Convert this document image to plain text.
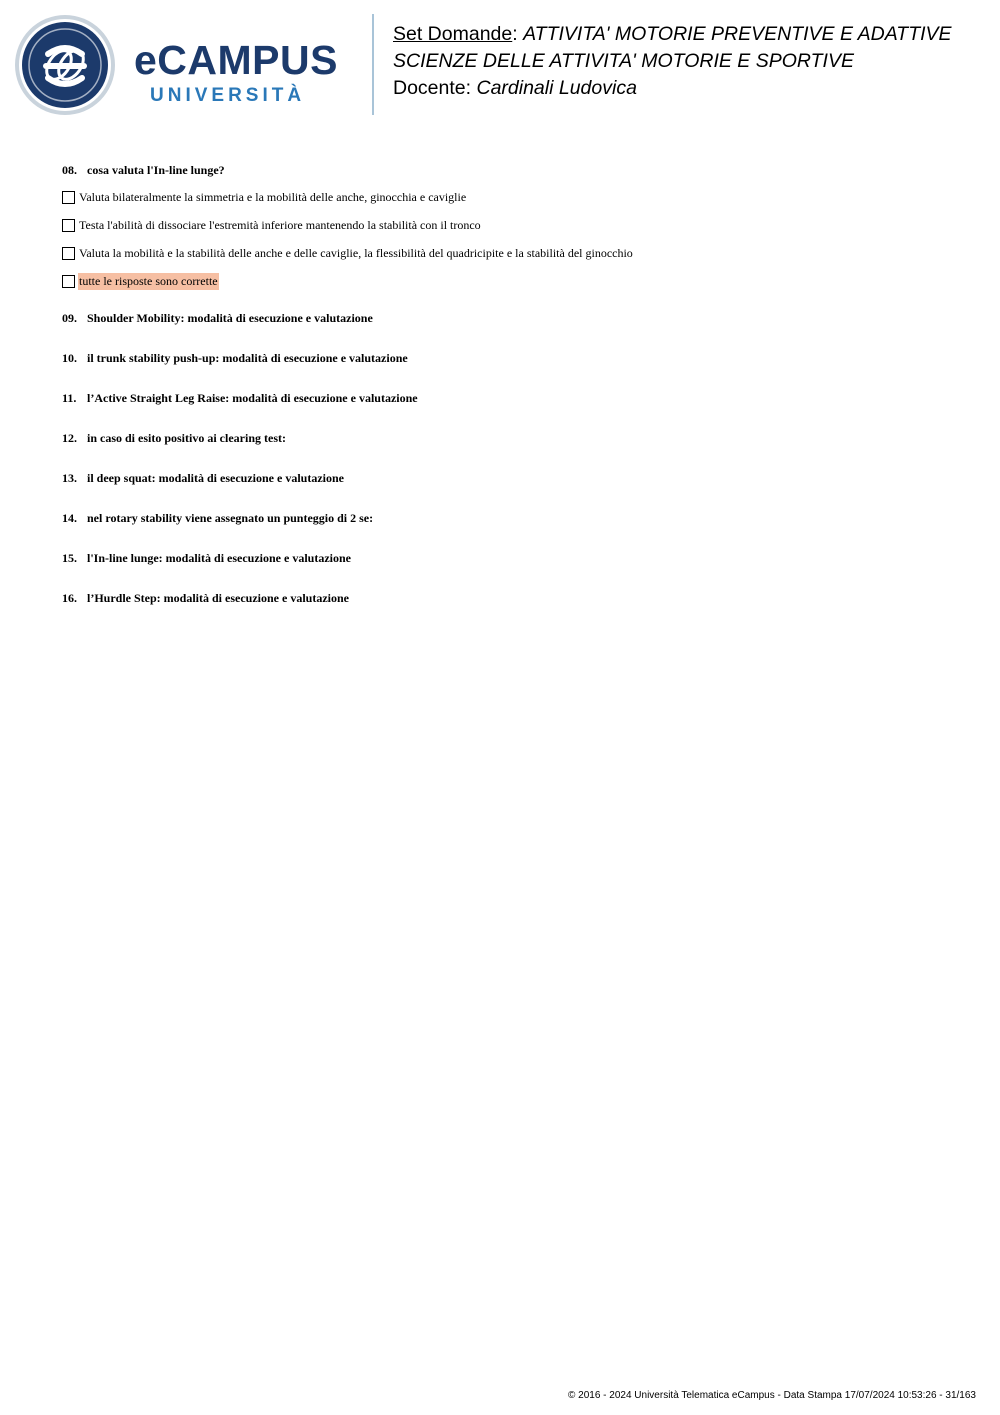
eCAMPUS
UNIVERSITÀ
Set Domande: ATTIVITA' MOTORIE PREVENTIVE E ADATTIVE
SCIENZE DELLE ATTIVITA' MOTORIE E SPORTIVE
Docente: Cardinali Ludovica

08. cosa valuta l'In-line lunge?

Valuta bilateralmente la simmetria e la mobilità delle anche, ginocchia e caviglie
Testa l'abilità di dissociare l'estremità inferiore mantenendo la stabilità con il tronco
Valuta la mobilità e la stabilità delle anche e delle caviglie, la flessibilità del quadricipite e la stabilità del ginocchio
tutte le risposte sono corrette

09. Shoulder Mobility: modalità di esecuzione e valutazione

10. il trunk stability push-up: modalità di esecuzione e valutazione

11. l’Active Straight Leg Raise: modalità di esecuzione e valutazione

12. in caso di esito positivo ai clearing test:

13. il deep squat: modalità di esecuzione e valutazione

14. nel rotary stability viene assegnato un punteggio di 2 se:

15. l'In-line lunge: modalità di esecuzione e valutazione

16. l’Hurdle Step: modalità di esecuzione e valutazione

© 2016 - 2024 Università Telematica eCampus - Data Stampa 17/07/2024 10:53:26 - 31/163
